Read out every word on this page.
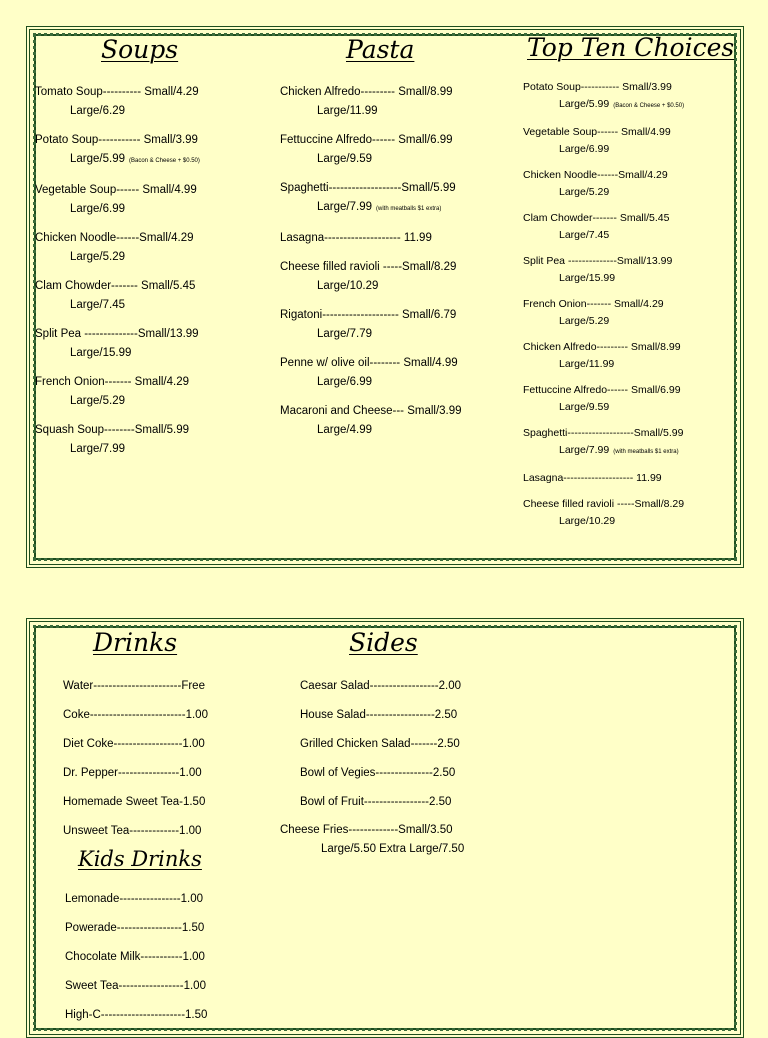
Soups	Pasta	Top Ten Choices
Tomato Soup---------- Small/4.29
Large/6.29
Potato Soup----------- Small/3.99
Large/5.99 (Bacon & Cheese + $0.50)
Vegetable Soup------ Small/4.99
Large/6.99
Chicken Noodle------Small/4.29
Large/5.29
Clam Chowder------- Small/5.45
Large/7.45
Split Pea --------------Small/13.99
Large/15.99
French Onion------- Small/4.29
Large/5.29
Squash Soup--------Small/5.99
Large/7.99
Chicken Alfredo--------- Small/8.99
Large/11.99
Fettuccine Alfredo------ Small/6.99
Large/9.59
Spaghetti-------------------Small/5.99
Large/7.99 (with meatballs $1 extra)
Lasagna-------------------- 11.99
Cheese filled ravioli -----Small/8.29
Large/10.29
Rigatoni-------------------- Small/6.79
Large/7.79
Penne w/ olive oil-------- Small/4.99
Large/6.99
Macaroni and Cheese--- Small/3.99
Large/4.99
Potato Soup----------- Small/3.99
Large/5.99 (Bacon & Cheese + $0.50)
Vegetable Soup------ Small/4.99
Large/6.99
Chicken Noodle------Small/4.29
Large/5.29
Clam Chowder------- Small/5.45
Large/7.45
Split Pea --------------Small/13.99
Large/15.99
French Onion------- Small/4.29
Large/5.29
Chicken Alfredo--------- Small/8.99
Large/11.99
Fettuccine Alfredo------ Small/6.99
Large/9.59
Spaghetti-------------------Small/5.99
Large/7.99 (with meatballs $1 extra)
Lasagna-------------------- 11.99
Cheese filled ravioli -----Small/8.29
Large/10.29
Drinks	Sides
Kids Drinks
Water-----------------------Free
Coke-------------------------1.00
Diet Coke------------------1.00
Dr. Pepper----------------1.00
Homemade Sweet Tea-1.50
Unsweet Tea-------------1.00
Lemonade----------------1.00
Powerade-----------------1.50
Chocolate Milk-----------1.00
Sweet Tea-----------------1.00
High-C----------------------1.50
Caesar Salad------------------2.00
House Salad------------------2.50
Grilled Chicken Salad-------2.50
Bowl of Vegies---------------2.50
Bowl of Fruit-----------------2.50
Cheese Fries-------------Small/3.50
Large/5.50 Extra Large/7.50
